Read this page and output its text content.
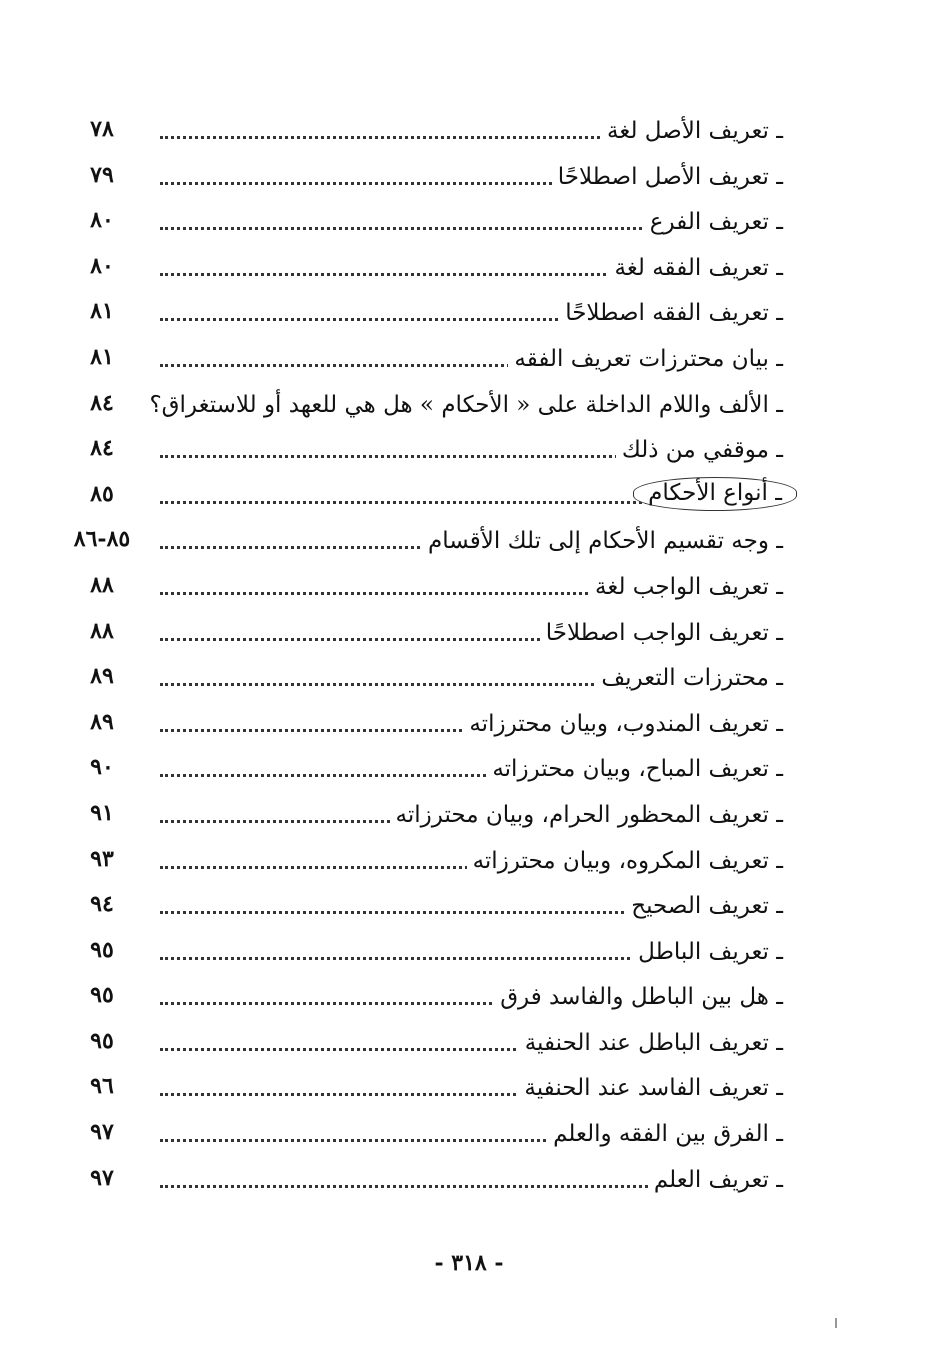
ـ تعريف الأصل لغة
٧٨
ـ تعريف الأصل اصطلاحًا
٧٩
ـ تعريف الفرع
٨٠
ـ تعريف الفقه لغة
٨٠
ـ تعريف الفقه اصطلاحًا
٨١
ـ بيان محترزات تعريف الفقه
٨١
ـ الألف واللام الداخلة على « الأحكام » هل هي للعهد أو للاستغراق؟
٨٤
ـ موقفي من ذلك
٨٤
ـ أنواع الأحكام
٨٥
ـ وجه تقسيم الأحكام إلى تلك الأقسام
٨٥-٨٦
ـ تعريف الواجب لغة
٨٨
ـ تعريف الواجب اصطلاحًا
٨٨
ـ محترزات التعريف
٨٩
ـ تعريف المندوب، وبيان محترزاته
٨٩
ـ تعريف المباح، وبيان محترزاته
٩٠
ـ تعريف المحظور الحرام، وبيان محترزاته
٩١
ـ تعريف المكروه، وبيان محترزاته
٩٣
ـ تعريف الصحيح
٩٤
ـ تعريف الباطل
٩٥
ـ هل بين الباطل والفاسد فرق
٩٥
ـ تعريف الباطل عند الحنفية
٩٥
ـ تعريف الفاسد عند الحنفية
٩٦
ـ الفرق بين الفقه والعلم
٩٧
ـ تعريف العلم
٩٧
- ٣١٨ -
